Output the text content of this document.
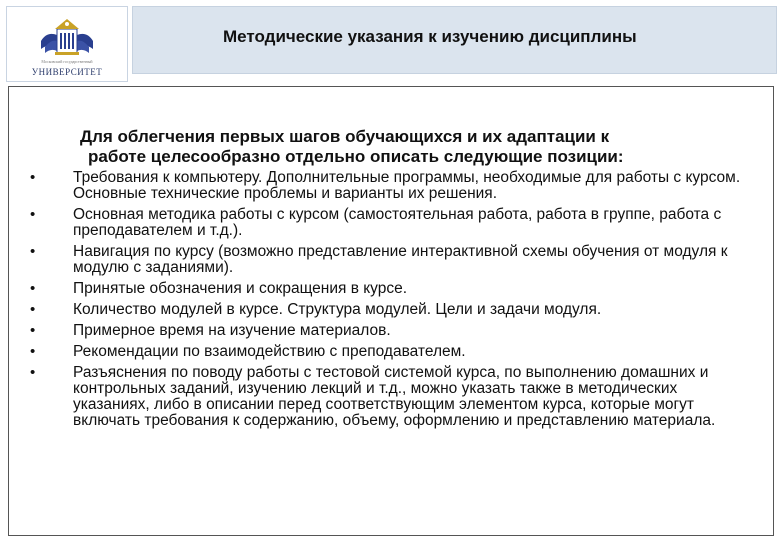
Московский государственный
УНИВЕРСИТЕТ
Методические указания к изучению дисциплины
Для облегчения первых шагов обучающихся и их адаптации к
работе целесообразно отдельно описать следующие позиции:
• Требования к компьютеру. Дополнительные программы, необходимые для работы с курсом. Основные технические проблемы и варианты их решения.
• Основная методика работы с курсом (самостоятельная работа, работа в группе, работа с преподавателем и т.д.).
• Навигация по курсу (возможно представление интерактивной схемы обучения от модуля к модулю с заданиями).
• Принятые обозначения и сокращения в курсе.
• Количество модулей в курсе. Структура модулей. Цели и задачи модуля.
• Примерное время на изучение материалов.
• Рекомендации по взаимодействию с преподавателем.
• Разъяснения по поводу работы с тестовой системой курса, по выполнению домашних и контрольных заданий, изучению лекций и т.д., можно указать также в методических указаниях, либо в описании перед соответствующим элементом курса, которые могут включать требования к содержанию, объему, оформлению и представлению материала.
